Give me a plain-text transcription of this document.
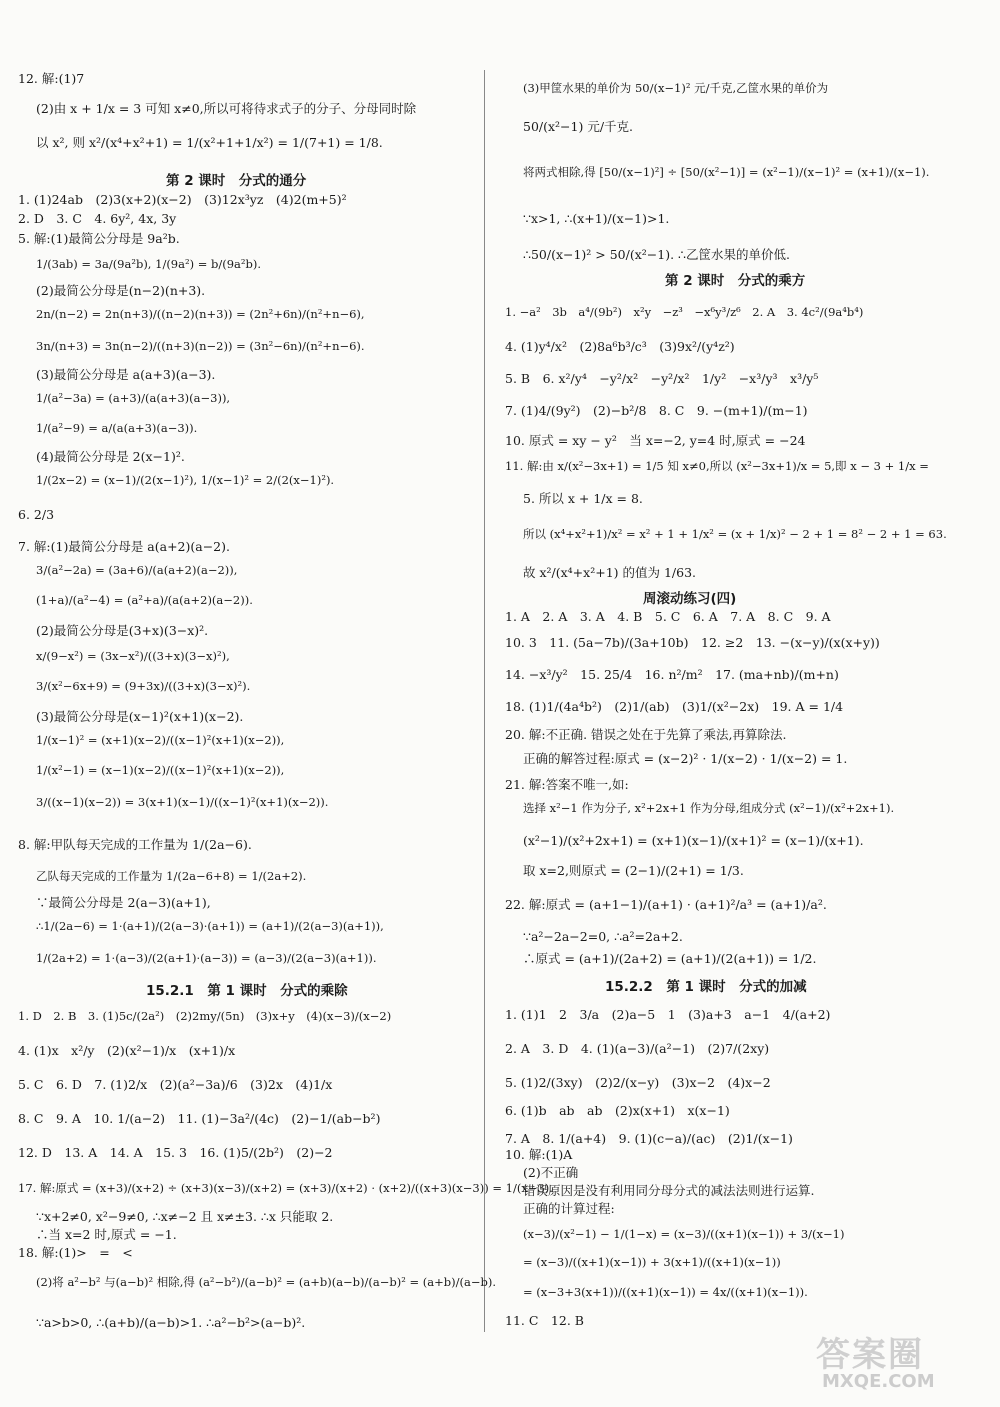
12. 解:(1)7
(2)由 x + 1/x = 3 可知 x≠0,所以可将待求式子的分子、分母同时除
以 x², 则 x²/(x⁴+x²+1) = 1/(x²+1+1/x²) = 1/(7+1) = 1/8.
第 2 课时　分式的通分
1. (1)24ab　(2)3(x+2)(x−2)　(3)12x³yz　(4)2(m+5)²
2. D　3. C　4. 6y², 4x, 3y
5. 解:(1)最简公分母是 9a²b.
1/(3ab) = 3a/(9a²b), 1/(9a²) = b/(9a²b).
(2)最简公分母是(n−2)(n+3).
2n/(n−2) = 2n(n+3)/((n−2)(n+3)) = (2n²+6n)/(n²+n−6),
3n/(n+3) = 3n(n−2)/((n+3)(n−2)) = (3n²−6n)/(n²+n−6).
(3)最简公分母是 a(a+3)(a−3).
1/(a²−3a) = (a+3)/(a(a+3)(a−3)),
1/(a²−9) = a/(a(a+3)(a−3)).
(4)最简公分母是 2(x−1)².
1/(2x−2) = (x−1)/(2(x−1)²), 1/(x−1)² = 2/(2(x−1)²).
6. 2/3
7. 解:(1)最简公分母是 a(a+2)(a−2).
3/(a²−2a) = (3a+6)/(a(a+2)(a−2)),
(1+a)/(a²−4) = (a²+a)/(a(a+2)(a−2)).
(2)最简公分母是(3+x)(3−x)².
x/(9−x²) = (3x−x²)/((3+x)(3−x)²),
3/(x²−6x+9) = (9+3x)/((3+x)(3−x)²).
(3)最简公分母是(x−1)²(x+1)(x−2).
1/(x−1)² = (x+1)(x−2)/((x−1)²(x+1)(x−2)),
1/(x²−1) = (x−1)(x−2)/((x−1)²(x+1)(x−2)),
3/((x−1)(x−2)) = 3(x+1)(x−1)/((x−1)²(x+1)(x−2)).
8. 解:甲队每天完成的工作量为 1/(2a−6).
乙队每天完成的工作量为 1/(2a−6+8) = 1/(2a+2).
∵最简公分母是 2(a−3)(a+1),
∴1/(2a−6) = 1·(a+1)/(2(a−3)·(a+1)) = (a+1)/(2(a−3)(a+1)),
1/(2a+2) = 1·(a−3)/(2(a+1)·(a−3)) = (a−3)/(2(a−3)(a+1)).
15.2.1　第 1 课时　分式的乘除
1. D　2. B　3. (1)5c/(2a²)　(2)2my/(5n)　(3)x+y　(4)(x−3)/(x−2)
4. (1)x　x²/y　(2)(x²−1)/x　(x+1)/x
5. C　6. D　7. (1)2/x　(2)(a²−3a)/6　(3)2x　(4)1/x
8. C　9. A　10. 1/(a−2)　11. (1)−3a²/(4c)　(2)−1/(ab−b²)
12. D　13. A　14. A　15. 3　16. (1)5/(2b²)　(2)−2
17. 解:原式 = (x+3)/(x+2) ÷ (x+3)(x−3)/(x+2) = (x+3)/(x+2) · (x+2)/((x+3)(x−3)) = 1/(x−3).
∵x+2≠0, x²−9≠0, ∴x≠−2 且 x≠±3. ∴x 只能取 2.
∴当 x=2 时,原式 = −1.
18. 解:(1)>　=　<
(2)将 a²−b² 与(a−b)² 相除,得 (a²−b²)/(a−b)² = (a+b)(a−b)/(a−b)² = (a+b)/(a−b).
∵a>b>0, ∴(a+b)/(a−b)>1. ∴a²−b²>(a−b)².
(3)甲筐水果的单价为 50/(x−1)² 元/千克,乙筐水果的单价为
50/(x²−1) 元/千克.
将两式相除,得 [50/(x−1)²] ÷ [50/(x²−1)] = (x²−1)/(x−1)² = (x+1)/(x−1).
∵x>1, ∴(x+1)/(x−1)>1.
∴50/(x−1)² > 50/(x²−1). ∴乙筐水果的单价低.
第 2 课时　分式的乘方
1. −a²　3b　a⁴/(9b²)　x²y　−z³　−x⁶y³/z⁶　2. A　3. 4c²/(9a⁴b⁴)
4. (1)y⁴/x²　(2)8a⁶b³/c³　(3)9x²/(y⁴z²)
5. B　6. x²/y⁴　−y²/x²　−y²/x²　1/y²　−x³/y³　x³/y⁵
7. (1)4/(9y²)　(2)−b²/8　8. C　9. −(m+1)/(m−1)
10. 原式 = xy − y²　当 x=−2, y=4 时,原式 = −24
11. 解:由 x/(x²−3x+1) = 1/5 知 x≠0,所以 (x²−3x+1)/x = 5,即 x − 3 + 1/x =
5. 所以 x + 1/x = 8.
所以 (x⁴+x²+1)/x² = x² + 1 + 1/x² = (x + 1/x)² − 2 + 1 = 8² − 2 + 1 = 63.
故 x²/(x⁴+x²+1) 的值为 1/63.
周滚动练习(四)
1. A　2. A　3. A　4. B　5. C　6. A　7. A　8. C　9. A
10. 3　11. (5a−7b)/(3a+10b)　12. ≥2　13. −(x−y)/(x(x+y))
14. −x³/y²　15. 25/4　16. n²/m²　17. (ma+nb)/(m+n)
18. (1)1/(4a⁴b²)　(2)1/(ab)　(3)1/(x²−2x)　19. A = 1/4
20. 解:不正确. 错误之处在于先算了乘法,再算除法.
正确的解答过程:原式 = (x−2)² · 1/(x−2) · 1/(x−2) = 1.
21. 解:答案不唯一,如:
选择 x²−1 作为分子, x²+2x+1 作为分母,组成分式 (x²−1)/(x²+2x+1).
(x²−1)/(x²+2x+1) = (x+1)(x−1)/(x+1)² = (x−1)/(x+1).
取 x=2,则原式 = (2−1)/(2+1) = 1/3.
22. 解:原式 = (a+1−1)/(a+1) · (a+1)²/a³ = (a+1)/a².
∵a²−2a−2=0, ∴a²=2a+2.
∴原式 = (a+1)/(2a+2) = (a+1)/(2(a+1)) = 1/2.
15.2.2　第 1 课时　分式的加减
1. (1)1　2　3/a　(2)a−5　1　(3)a+3　a−1　4/(a+2)
2. A　3. D　4. (1)(a−3)/(a²−1)　(2)7/(2xy)
5. (1)2/(3xy)　(2)2/(x−y)　(3)x−2　(4)x−2
6. (1)b　ab　ab　(2)x(x+1)　x(x−1)
7. A　8. 1/(a+4)　9. (1)(c−a)/(ac)　(2)1/(x−1)
10. 解:(1)A
(2)不正确
错误原因是没有利用同分母分式的减法法则进行运算.
正确的计算过程:
(x−3)/(x²−1) − 1/(1−x) = (x−3)/((x+1)(x−1)) + 3/(x−1)
= (x−3)/((x+1)(x−1)) + 3(x+1)/((x+1)(x−1))
= (x−3+3(x+1))/((x+1)(x−1)) = 4x/((x+1)(x−1)).
11. C　12. B
答案圈
MXQE.COM
